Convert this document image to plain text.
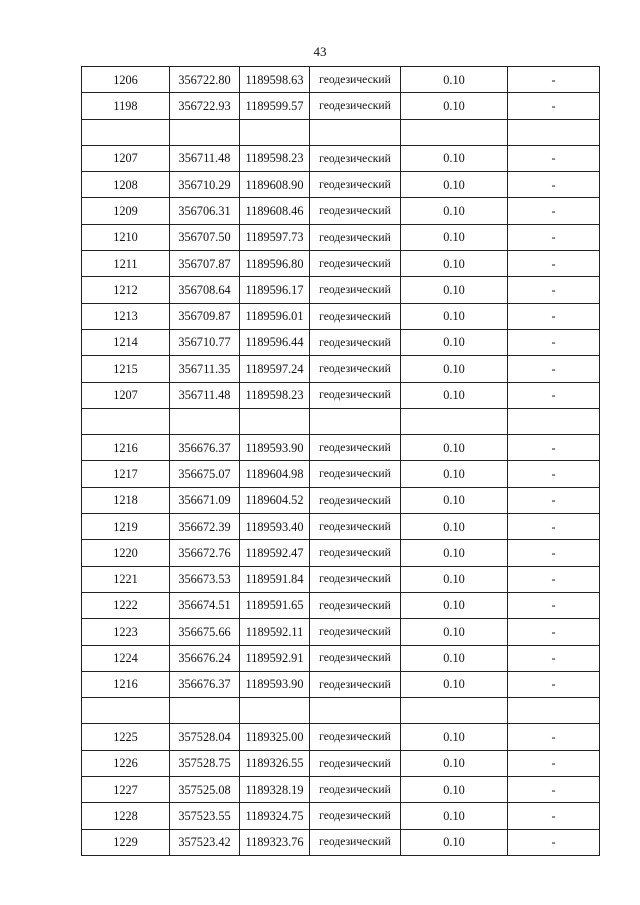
43
1206	356722.80	1189598.63	геодезический	0.10	-
1198	356722.93	1189599.57	геодезический	0.10	-

1207	356711.48	1189598.23	геодезический	0.10	-
1208	356710.29	1189608.90	геодезический	0.10	-
1209	356706.31	1189608.46	геодезический	0.10	-
1210	356707.50	1189597.73	геодезический	0.10	-
1211	356707.87	1189596.80	геодезический	0.10	-
1212	356708.64	1189596.17	геодезический	0.10	-
1213	356709.87	1189596.01	геодезический	0.10	-
1214	356710.77	1189596.44	геодезический	0.10	-
1215	356711.35	1189597.24	геодезический	0.10	-
1207	356711.48	1189598.23	геодезический	0.10	-

1216	356676.37	1189593.90	геодезический	0.10	-
1217	356675.07	1189604.98	геодезический	0.10	-
1218	356671.09	1189604.52	геодезический	0.10	-
1219	356672.39	1189593.40	геодезический	0.10	-
1220	356672.76	1189592.47	геодезический	0.10	-
1221	356673.53	1189591.84	геодезический	0.10	-
1222	356674.51	1189591.65	геодезический	0.10	-
1223	356675.66	1189592.11	геодезический	0.10	-
1224	356676.24	1189592.91	геодезический	0.10	-
1216	356676.37	1189593.90	геодезический	0.10	-

1225	357528.04	1189325.00	геодезический	0.10	-
1226	357528.75	1189326.55	геодезический	0.10	-
1227	357525.08	1189328.19	геодезический	0.10	-
1228	357523.55	1189324.75	геодезический	0.10	-
1229	357523.42	1189323.76	геодезический	0.10	-
